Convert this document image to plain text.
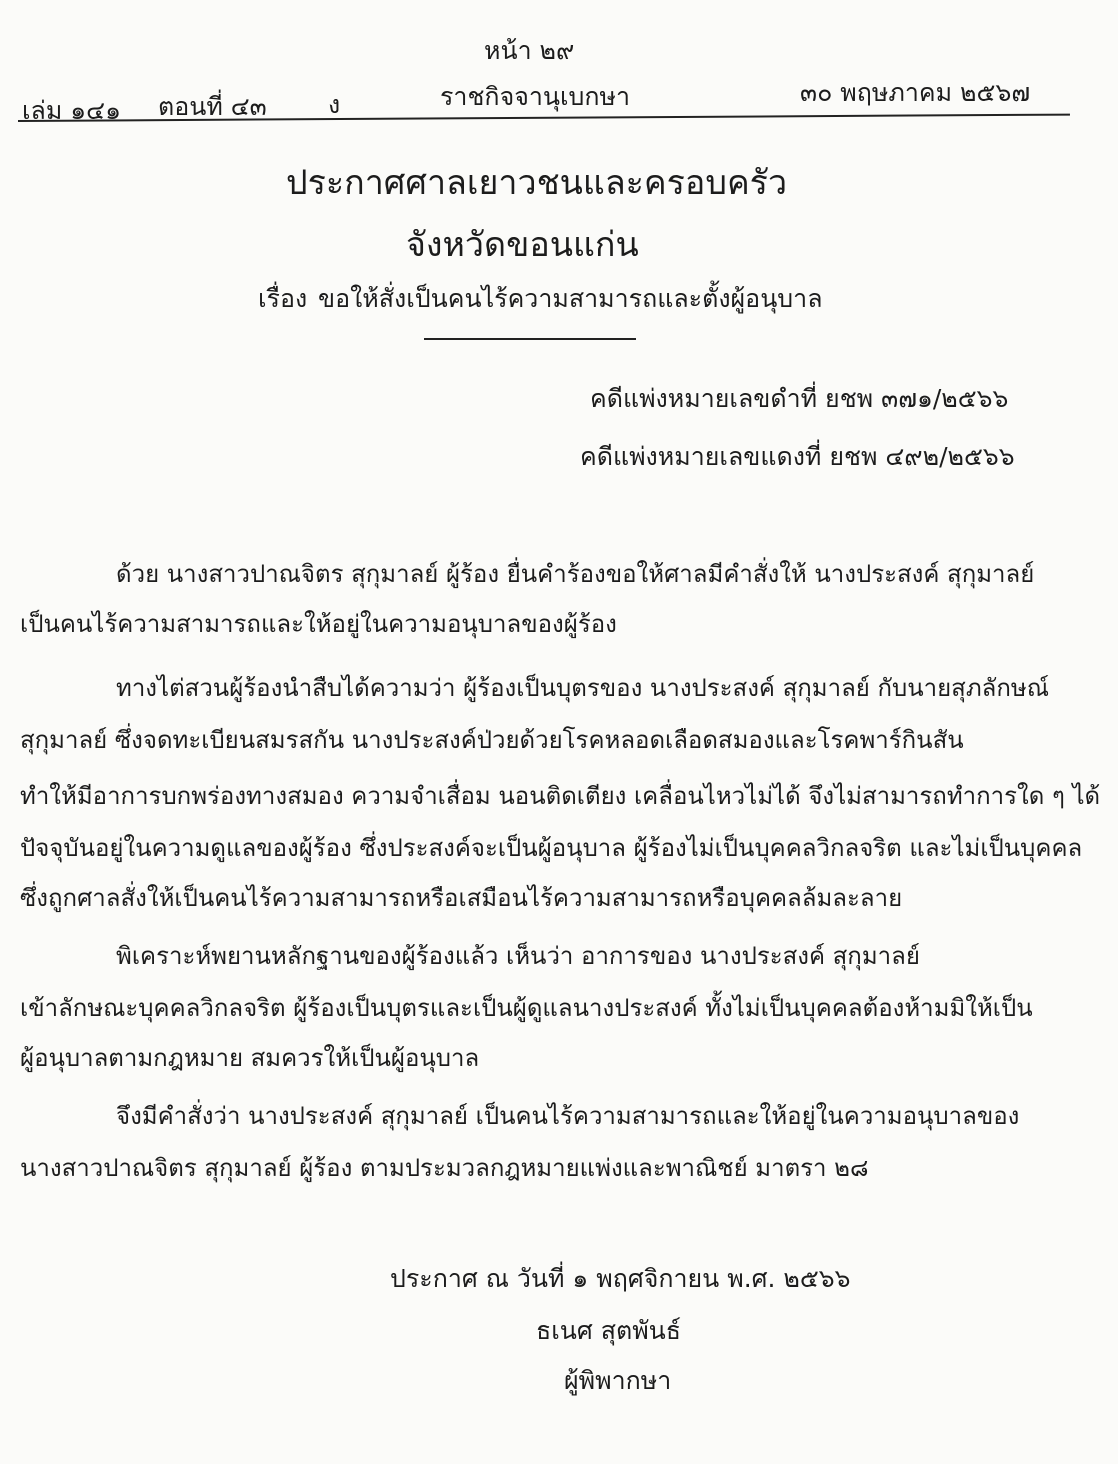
หน้า ๒๙
เล่ม ๑๔๑ ตอนที่ ๔๓ ง	ราชกิจจานุเบกษา	๓๐ พฤษภาคม ๒๕๖๗
ประกาศศาลเยาวชนและครอบครัว
จังหวัดขอนแก่น
เรื่อง ขอให้สั่งเป็นคนไร้ความสามารถและตั้งผู้อนุบาล
คดีแพ่งหมายเลขดำที่ ยชพ ๓๗๑/๒๕๖๖
คดีแพ่งหมายเลขแดงที่ ยชพ ๔๙๒/๒๕๖๖
ด้วย นางสาวปาณจิตร สุกุมาลย์ ผู้ร้อง ยื่นคำร้องขอให้ศาลมีคำสั่งให้ นางประสงค์ สุกุมาลย์
เป็นคนไร้ความสามารถและให้อยู่ในความอนุบาลของผู้ร้อง
ทางไต่สวนผู้ร้องนำสืบได้ความว่า ผู้ร้องเป็นบุตรของ นางประสงค์ สุกุมาลย์ กับนายสุภลักษณ์
สุกุมาลย์ ซึ่งจดทะเบียนสมรสกัน นางประสงค์ป่วยด้วยโรคหลอดเลือดสมองและโรคพาร์กินสัน
ทำให้มีอาการบกพร่องทางสมอง ความจำเสื่อม นอนติดเตียง เคลื่อนไหวไม่ได้ จึงไม่สามารถทำการใด ๆ ได้
ปัจจุบันอยู่ในความดูแลของผู้ร้อง ซึ่งประสงค์จะเป็นผู้อนุบาล ผู้ร้องไม่เป็นบุคคลวิกลจริต และไม่เป็นบุคคล
ซึ่งถูกศาลสั่งให้เป็นคนไร้ความสามารถหรือเสมือนไร้ความสามารถหรือบุคคลล้มละลาย
พิเคราะห์พยานหลักฐานของผู้ร้องแล้ว เห็นว่า อาการของ นางประสงค์ สุกุมาลย์
เข้าลักษณะบุคคลวิกลจริต ผู้ร้องเป็นบุตรและเป็นผู้ดูแลนางประสงค์ ทั้งไม่เป็นบุคคลต้องห้ามมิให้เป็น
ผู้อนุบาลตามกฎหมาย สมควรให้เป็นผู้อนุบาล
จึงมีคำสั่งว่า นางประสงค์ สุกุมาลย์ เป็นคนไร้ความสามารถและให้อยู่ในความอนุบาลของ
นางสาวปาณจิตร สุกุมาลย์ ผู้ร้อง ตามประมวลกฎหมายแพ่งและพาณิชย์ มาตรา ๒๘
ประกาศ ณ วันที่ ๑ พฤศจิกายน พ.ศ. ๒๕๖๖
ธเนศ สุตพันธ์
ผู้พิพากษา
